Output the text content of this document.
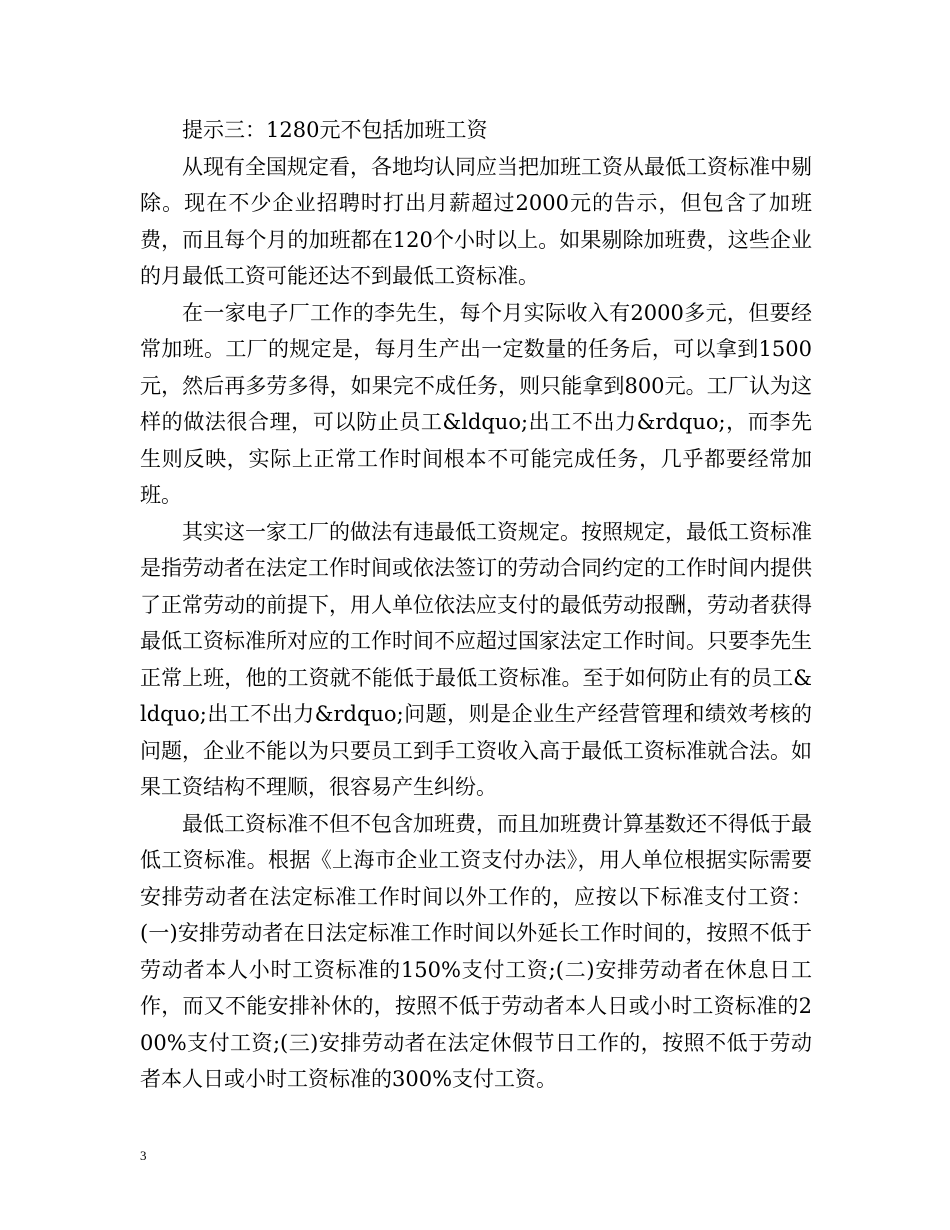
提示三：1280元不包括加班工资

从现有全国规定看，各地均认同应当把加班工资从最低工资标准中剔除。现在不少企业招聘时打出月薪超过2000元的告示，但包含了加班费，而且每个月的加班都在120个小时以上。如果剔除加班费，这些企业的月最低工资可能还达不到最低工资标准。

在一家电子厂工作的李先生，每个月实际收入有2000多元，但要经常加班。工厂的规定是，每月生产出一定数量的任务后，可以拿到1500元，然后再多劳多得，如果完不成任务，则只能拿到800元。工厂认为这样的做法很合理，可以防止员工&ldquo;出工不出力&rdquo;，而李先生则反映，实际上正常工作时间根本不可能完成任务，几乎都要经常加班。

其实这一家工厂的做法有违最低工资规定。按照规定，最低工资标准是指劳动者在法定工作时间或依法签订的劳动合同约定的工作时间内提供了正常劳动的前提下，用人单位依法应支付的最低劳动报酬，劳动者获得最低工资标准所对应的工作时间不应超过国家法定工作时间。只要李先生正常上班，他的工资就不能低于最低工资标准。至于如何防止有的员工&ldquo;出工不出力&rdquo;问题，则是企业生产经营管理和绩效考核的问题，企业不能以为只要员工到手工资收入高于最低工资标准就合法。如果工资结构不理顺，很容易产生纠纷。

最低工资标准不但不包含加班费，而且加班费计算基数还不得低于最低工资标准。根据《上海市企业工资支付办法》，用人单位根据实际需要安排劳动者在法定标准工作时间以外工作的，应按以下标准支付工资：(一)安排劳动者在日法定标准工作时间以外延长工作时间的，按照不低于劳动者本人小时工资标准的150%支付工资;(二)安排劳动者在休息日工作，而又不能安排补休的，按照不低于劳动者本人日或小时工资标准的200%支付工资;(三)安排劳动者在法定休假节日工作的，按照不低于劳动者本人日或小时工资标准的300%支付工资。

3
